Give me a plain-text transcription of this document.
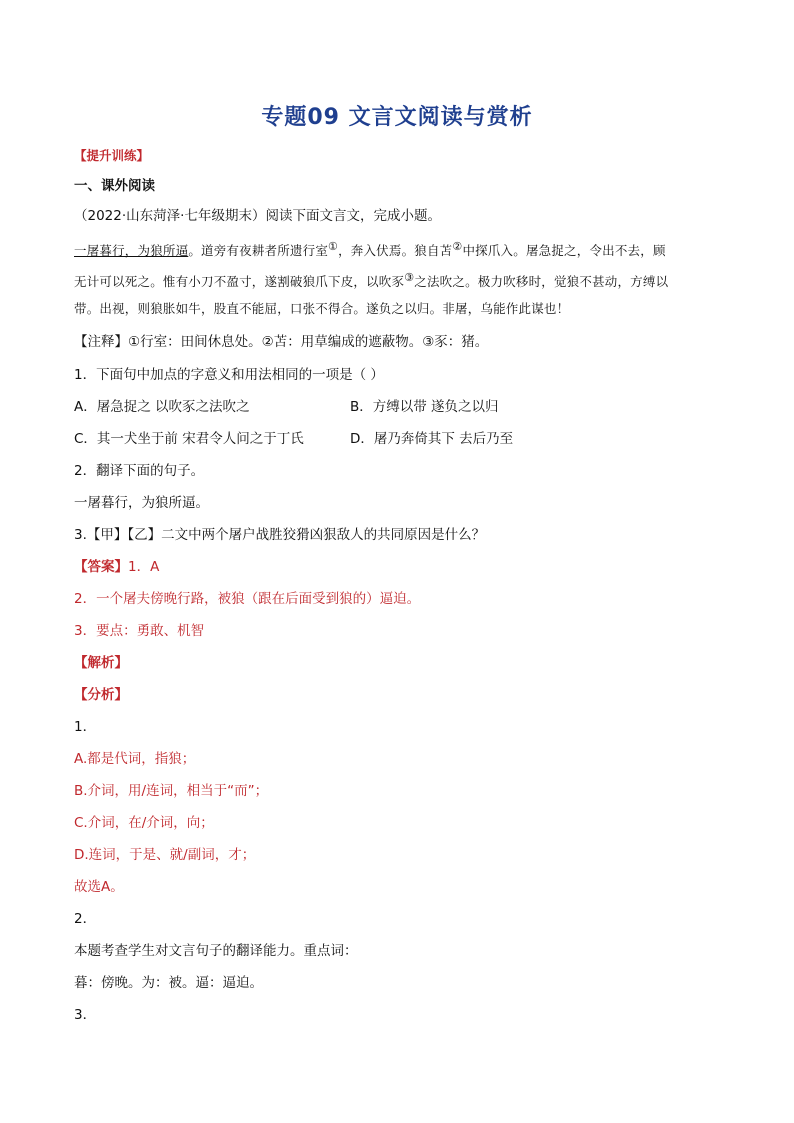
专题09 文言文阅读与赏析
【提升训练】
一、课外阅读
（2022·山东菏泽·七年级期末）阅读下面文言文，完成小题。
一屠暮行，为狼所逼。道旁有夜耕者所遗行室①，奔入伏焉。狼自苫②中探爪入。屠急捉之，令出不去，顾
无计可以死之。惟有小刀不盈寸，遂割破狼爪下皮，以吹豕③之法吹之。极力吹移时，觉狼不甚动，方缚以
带。出视，则狼胀如牛，股直不能屈，口张不得合。遂负之以归。非屠，乌能作此谋也！
【注释】①行室：田间休息处。②苫：用草编成的遮蔽物。③豕：猪。
1．下面句中加点的字意义和用法相同的一项是（ ）
A．屠急捉之 以吹豕之法吹之	B．方缚以带 遂负之以归
C．其一犬坐于前 宋君令人问之于丁氏	D．屠乃奔倚其下 去后乃至
2．翻译下面的句子。
一屠暮行，为狼所逼。
3.【甲】【乙】二文中两个屠户战胜狡猾凶狠敌人的共同原因是什么？
【答案】1．A
2．一个屠夫傍晚行路，被狼（跟在后面受到狼的）逼迫。
3．要点：勇敢、机智
【解析】
【分析】
1．
A.都是代词，指狼；
B.介词，用/连词，相当于“而”；
C.介词，在/介词，向；
D.连词，于是、就/副词，才；
故选A。
2．
本题考查学生对文言句子的翻译能力。重点词：
暮：傍晚。为：被。逼：逼迫。
3．
